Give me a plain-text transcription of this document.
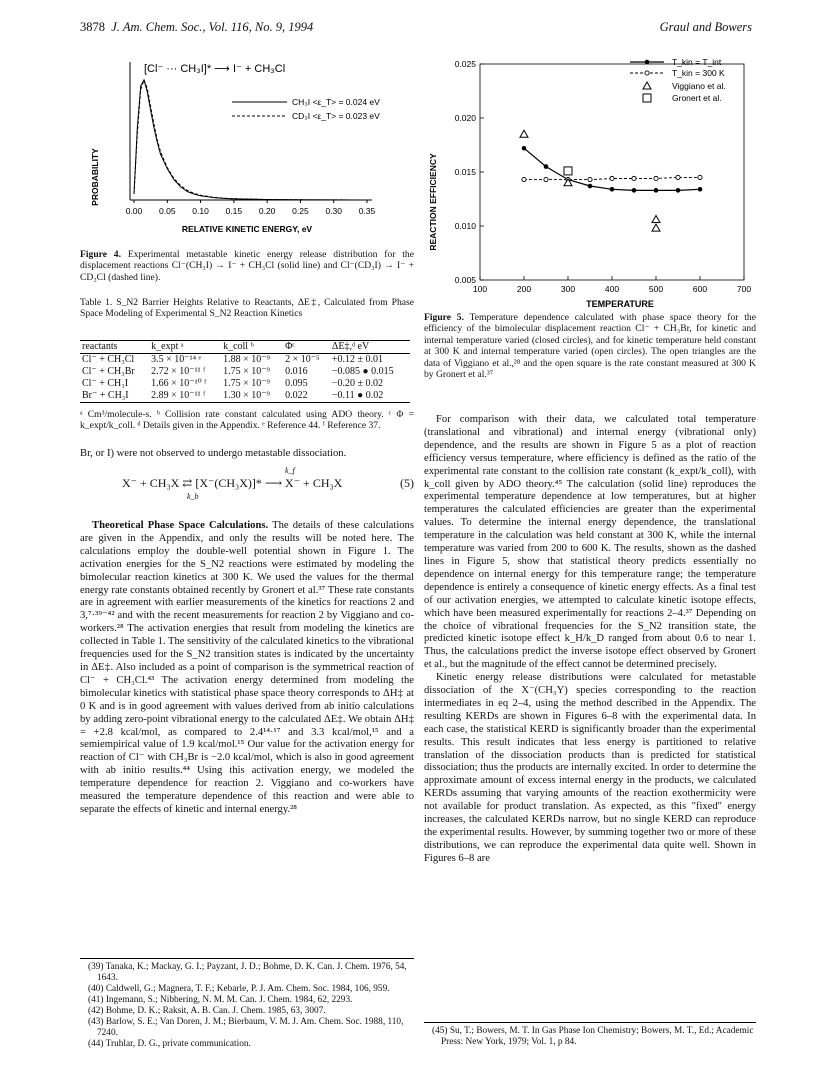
3878 J. Am. Chem. Soc., Vol. 116, No. 9, 1994	Graul and Bowers
[Cl⁻ ··· CH₃I]* ⟶ I⁻ + CH₃Cl
CH₃I <ε_T> = 0.024 eV
CD₃I <ε_T> = 0.023 eV
PROBABILITY
0.00 0.05 0.10 0.15 0.20 0.25 0.30 0.35
RELATIVE KINETIC ENERGY, eV
Figure 4. Experimental metastable kinetic energy release distribution for the displacement reactions Cl⁻(CH₃I) → I⁻ + CH₃Cl (solid line) and Cl⁻(CD₃I) → I⁻ + CD₃Cl (dashed line).
Table 1. S_N2 Barrier Heights Relative to Reactants, ΔE‡, Calculated from Phase Space Modeling of Experimental S_N2 Reaction Kinetics
reactants	k_expt ᵃ	k_coll ᵇ	Φᶜ	ΔE‡,ᵈ eV
Cl⁻ + CH₃Cl	3.5 × 10⁻¹⁴ ᵉ	1.88 × 10⁻⁹	2 × 10⁻⁵	+0.12 ± 0.01
Cl⁻ + CH₃Br	2.72 × 10⁻¹¹ ᶠ	1.75 × 10⁻⁹	0.016	−0.085 ● 0.015
Cl⁻ + CH₃I	1.66 × 10⁻¹⁰ ᶠ	1.75 × 10⁻⁹	0.095	−0.20 ± 0.02
Br⁻ + CH₃I	2.89 × 10⁻¹¹ ᶠ	1.30 × 10⁻⁹	0.022	−0.11 ● 0.02
ᵃ Cm³/molecule-s. ᵇ Collision rate constant calculated using ADO theory. ᶜ Φ = k_expt/k_coll. ᵈ Details given in the Appendix. ᵉ Reference 44. ᶠ Reference 37.

Br, or I) were not observed to undergo metastable dissociation.

k_f
X⁻ + CH₃X ⇄ [X⁻(CH₃X)]* ⟶ X⁻ + CH₃X
k_b
(5)

Theoretical Phase Space Calculations. The details of these calculations are given in the Appendix, and only the results will be noted here. The calculations employ the double-well potential shown in Figure 1. The activation energies for the S_N2 reactions were estimated by modeling the bimolecular reaction kinetics at 300 K. We used the values for the thermal energy rate constants obtained recently by Gronert et al.³⁷ These rate constants are in agreement with earlier measurements of the kinetics for reactions 2 and 3,⁷·³⁹⁻⁴² and with the recent measurements for reaction 2 by Viggiano and co-workers.²⁸ The activation energies that result from modeling the kinetics are collected in Table 1. The sensitivity of the calculated kinetics to the vibrational frequencies used for the S_N2 transition states is indicated by the uncertainty in ΔE‡. Also included as a point of comparison is the symmetrical reaction of Cl⁻ + CH₃Cl.⁴³ The activation energy determined from modeling the bimolecular kinetics with statistical phase space theory corresponds to ΔH‡ at 0 K and is in good agreement with values derived from ab initio calculations by adding zero-point vibrational energy to the calculated ΔE‡. We obtain ΔH‡ = +2.8 kcal/mol, as compared to 2.4¹⁴·¹⁷ and 3.3 kcal/mol,¹⁵ and a semiempirical value of 1.9 kcal/mol.¹⁵ Our value for the activation energy for reaction of Cl⁻ with CH₃Br is −2.0 kcal/mol, which is also in good agreement with ab initio results.⁴⁴ Using this activation energy, we modeled the temperature dependence for reaction 2. Viggiano and co-workers have measured the temperature dependence of this reaction and were able to separate the effects of kinetic and internal energy.²⁸

(39) Tanaka, K.; Mackay, G. I.; Payzant, J. D.; Bohme, D. K. Can. J. Chem. 1976, 54, 1643.
(40) Caldwell, G.; Magnera, T. F.; Kebarle, P. J. Am. Chem. Soc. 1984, 106, 959.
(41) Ingemann, S.; Nibbering, N. M. M. Can. J. Chem. 1984, 62, 2293.
(42) Bohme, D. K.; Raksit, A. B. Can. J. Chem. 1985, 63, 3007.
(43) Barlow, S. E.; Van Doren, J. M.; Bierbaum, V. M. J. Am. Chem. Soc. 1988, 110, 7240.
(44) Truhlar, D. G., private communication.
REACTION EFFICIENCY
100	200	300	400	500	600	700
0.005
0.010
0.015
0.020
0.025	T_kin = T_int
T_kin = 300 K
Viggiano et al.
Gronert et al.
TEMPERATURE
Figure 5. Temperature dependence calculated with phase space theory for the efficiency of the bimolecular displacement reaction Cl⁻ + CH₃Br, for kinetic and internal temperature varied (closed circles), and for kinetic temperature held constant at 300 K and internal temperature varied (open circles). The open triangles are the data of Viggiano et al.,²⁸ and the open square is the rate constant measured at 300 K by Gronert et al.³⁷

For comparison with their data, we calculated total temperature (translational and vibrational) and internal energy (vibrational only) dependence, and the results are shown in Figure 5 as a plot of reaction efficiency versus temperature, where efficiency is defined as the ratio of the experimental rate constant to the collision rate constant (k_expt/k_coll), with k_coll given by ADO theory.⁴⁵ The calculation (solid line) reproduces the experimental temperature dependence at low temperatures, but at higher temperatures the calculated efficiencies are greater than the experimental values. To determine the internal energy dependence, the translational temperature in the calculation was held constant at 300 K, while the internal temperature was varied from 200 to 600 K. The results, shown as the dashed lines in Figure 5, show that statistical theory predicts essentially no dependence on internal energy for this temperature range; the temperature dependence is entirely a consequence of kinetic energy effects. As a final test of our activation energies, we attempted to calculate kinetic isotope effects, which have been measured experimentally for reactions 2–4.³⁷ Depending on the choice of vibrational frequencies for the S_N2 transition state, the predicted kinetic isotope effect k_H/k_D ranged from about 0.6 to near 1. Thus, the calculations predict the inverse isotope effect observed by Gronert et al., but the magnitude of the effect cannot be determined precisely.

Kinetic energy release distributions were calculated for metastable dissociation of the X⁻(CH₃Y) species corresponding to the reaction intermediates in eq 2–4, using the method described in the Appendix. The resulting KERDs are shown in Figures 6–8 with the experimental data. In each case, the statistical KERD is significantly broader than the experimental results. This result indicates that less energy is partitioned to relative translation of the dissociation products than is predicted for statistical dissociation; thus the products are internally excited. In order to determine the approximate amount of excess internal energy in the products, we calculated KERDs assuming that varying amounts of the reaction exothermicity were not available for product translation. As expected, as this "fixed" energy increases, the calculated KERDs narrow, but no single KERD can reproduce the experimental results. However, by summing together two or more of these distributions, we can reproduce the experimental data quite well. Shown in Figures 6–8 are

(45) Su, T.; Bowers, M. T. In Gas Phase Ion Chemistry; Bowers, M. T., Ed.; Academic Press: New York, 1979; Vol. 1, p 84.
